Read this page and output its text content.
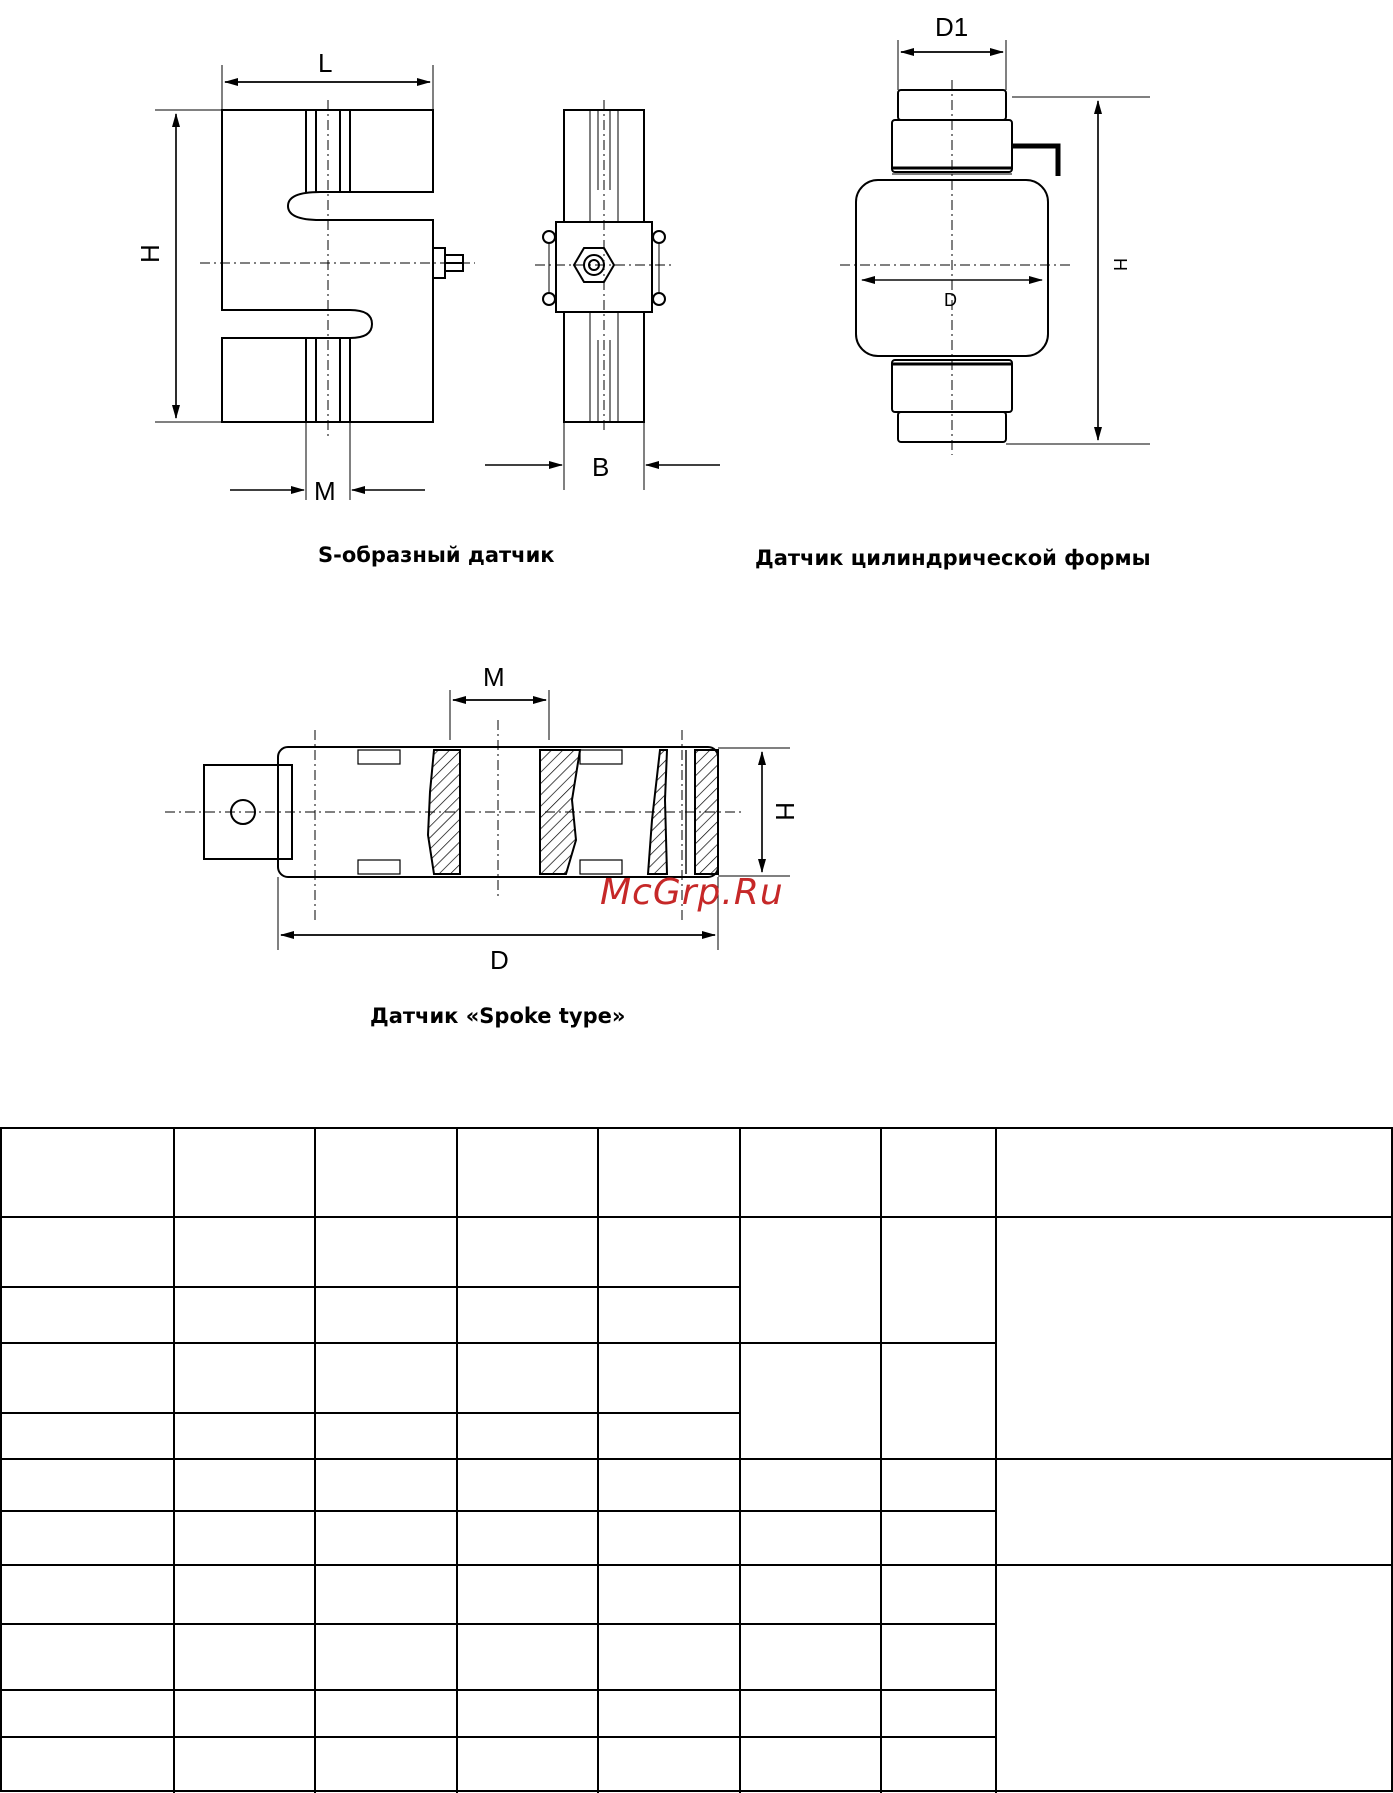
L
H
M
B
D1
D
H
M
H
D
S-образный датчик	Датчик цилиндрической формы
Датчик «Spoke type»
McGrp.Ru
